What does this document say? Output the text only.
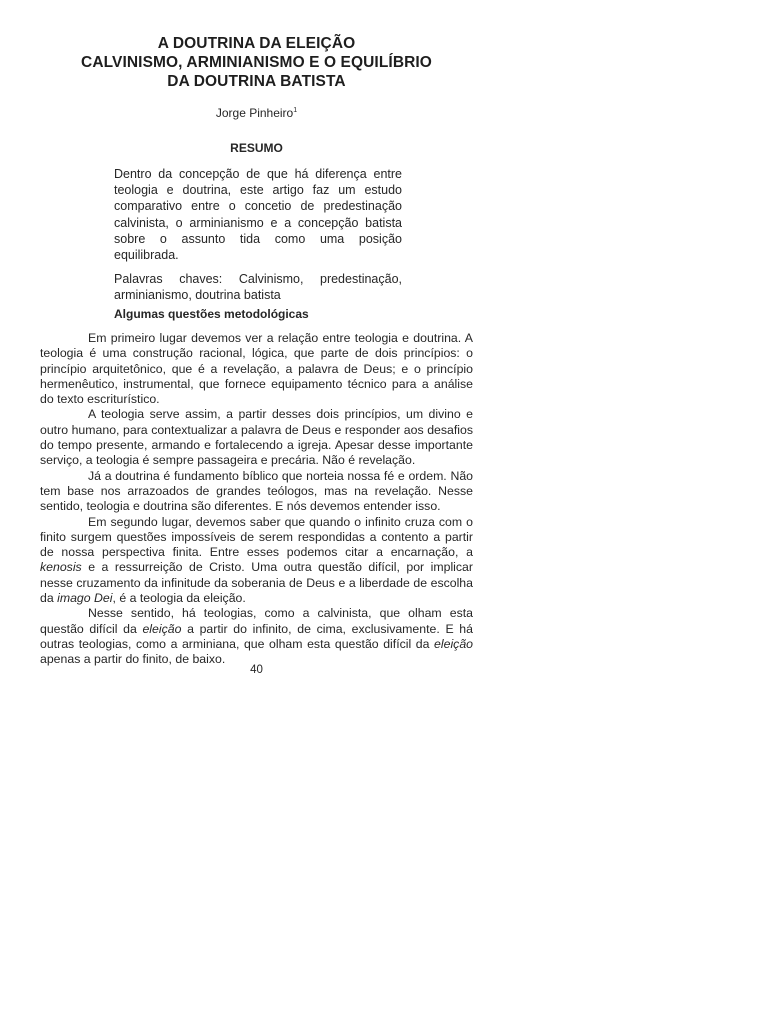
A DOUTRINA DA ELEIÇÃO
CALVINISMO, ARMINIANISMO E O EQUILÍBRIO
DA DOUTRINA BATISTA
Jorge Pinheiro$^1$
RESUMO

Dentro da concepção de que há diferença entre teologia e doutrina, este artigo faz um estudo comparativo entre o concetio de predestinação calvinista, o arminianismo e a concepção batista sobre o assunto tida como uma posição equilibrada.

Palavras chaves: Calvinismo, predestinação, arminianismo, doutrina batista

Algumas questões metodológicas

Em primeiro lugar devemos ver a relação entre teologia e doutrina. A teologia é uma construção racional, lógica, que parte de dois princípios: o princípio arquitetônico, que é a revelação, a palavra de Deus; e o princípio hermenêutico, instrumental, que fornece equipamento técnico para a análise do texto escriturístico.

A teologia serve assim, a partir desses dois princípios, um divino e outro humano, para contextualizar a palavra de Deus e responder aos desafios do tempo presente, armando e fortalecendo a igreja. Apesar desse importante serviço, a teologia é sempre passageira e precária. Não é revelação.

Já a doutrina é fundamento bíblico que norteia nossa fé e ordem. Não tem base nos arrazoados de grandes teólogos, mas na revelação. Nesse sentido, teologia e doutrina são diferentes. E nós devemos entender isso.

Em segundo lugar, devemos saber que quando o infinito cruza com o finito surgem questões impossíveis de serem respondidas a contento a partir de nossa perspectiva finita. Entre esses podemos citar a encarnação, a kenosis e a ressurreição de Cristo. Uma outra questão difícil, por implicar nesse cruzamento da infinitude da soberania de Deus e a liberdade de escolha da imago Dei, é a teologia da eleição.

Nesse sentido, há teologias, como a calvinista, que olham esta questão difícil da eleição a partir do infinito, de cima, exclusivamente. E há outras teologias, como a arminiana, que olham esta questão difícil da eleição apenas a partir do finito, de baixo.

40
